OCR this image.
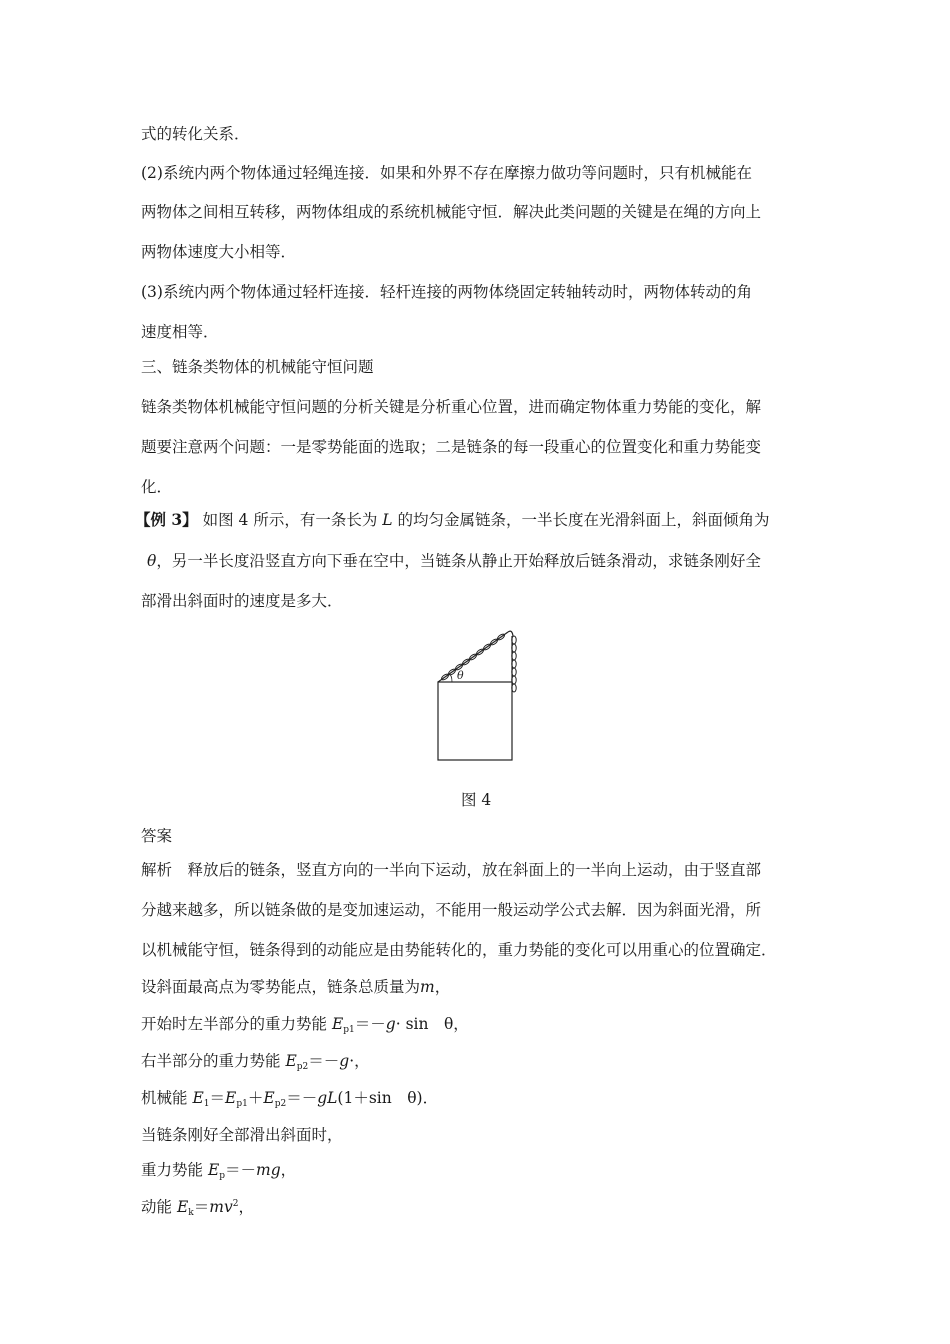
式的转化关系．
(2)系统内两个物体通过轻绳连接．如果和外界不存在摩擦力做功等问题时，只有机械能在
两物体之间相互转移，两物体组成的系统机械能守恒．解决此类问题的关键是在绳的方向上
两物体速度大小相等．
(3)系统内两个物体通过轻杆连接．轻杆连接的两物体绕固定转轴转动时，两物体转动的角
速度相等．
三、链条类物体的机械能守恒问题
链条类物体机械能守恒问题的分析关键是分析重心位置，进而确定物体重力势能的变化，解
题要注意两个问题：一是零势能面的选取；二是链条的每一段重心的位置变化和重力势能变
化．
【例 3】 如图 4 所示，有一条长为 L 的均匀金属链条，一半长度在光滑斜面上，斜面倾角为
θ，另一半长度沿竖直方向下垂在空中，当链条从静止开始释放后链条滑动，求链条刚好全
部滑出斜面时的速度是多大．
θ
图 4
答案
解析　释放后的链条，竖直方向的一半向下运动，放在斜面上的一半向上运动，由于竖直部
分越来越多，所以链条做的是变加速运动，不能用一般运动学公式去解．因为斜面光滑，所
以机械能守恒，链条得到的动能应是由势能转化的，重力势能的变化可以用重心的位置确定．
设斜面最高点为零势能点，链条总质量为m，
开始时左半部分的重力势能 $E_{p1}=-g\cdot \sin$　θ，
右半部分的重力势能 $E_{p2}=-g\cdot$，
机械能 $E_1=E_{p1}+E_{p2}=-gL(1+\sin$　θ)．
当链条刚好全部滑出斜面时，
重力势能 $E_p=-mg$，
动能 $E_k=mv^2$，
